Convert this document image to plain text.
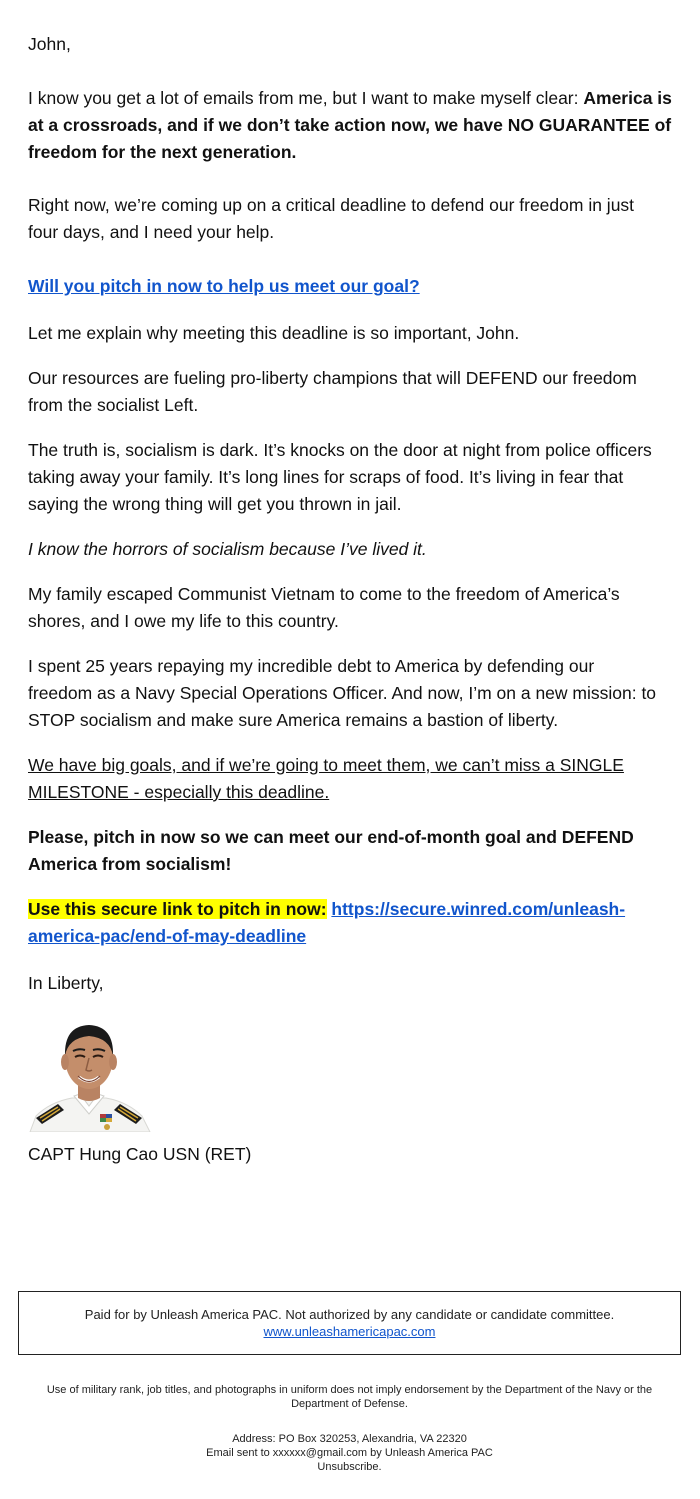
John,

I know you get a lot of emails from me, but I want to make myself clear: America is at a crossroads, and if we don’t take action now, we have NO GUARANTEE of freedom for the next generation.

Right now, we’re coming up on a critical deadline to defend our freedom in just four days, and I need your help.

Will you pitch in now to help us meet our goal?

Let me explain why meeting this deadline is so important, John.

Our resources are fueling pro-liberty champions that will DEFEND our freedom from the socialist Left.

The truth is, socialism is dark. It’s knocks on the door at night from police officers taking away your family. It’s long lines for scraps of food. It’s living in fear that saying the wrong thing will get you thrown in jail.

I know the horrors of socialism because I’ve lived it.

My family escaped Communist Vietnam to come to the freedom of America’s shores, and I owe my life to this country.

I spent 25 years repaying my incredible debt to America by defending our freedom as a Navy Special Operations Officer. And now, I’m on a new mission: to STOP socialism and make sure America remains a bastion of liberty.

We have big goals, and if we’re going to meet them, we can’t miss a SINGLE MILESTONE - especially this deadline.

Please, pitch in now so we can meet our end-of-month goal and DEFEND America from socialism!

Use this secure link to pitch in now: https://secure.winred.com/unleash-america-pac/end-of-may-deadline

In Liberty,

CAPT Hung Cao USN (RET)

Paid for by Unleash America PAC. Not authorized by any candidate or candidate committee.
www.unleashamericapac.com
Use of military rank, job titles, and photographs in uniform does not imply endorsement by the Department of the Navy or the Department of Defense.
Address: PO Box 320253, Alexandria, VA 22320
Email sent to xxxxxx@gmail.com by Unleash America PAC
Unsubscribe.
